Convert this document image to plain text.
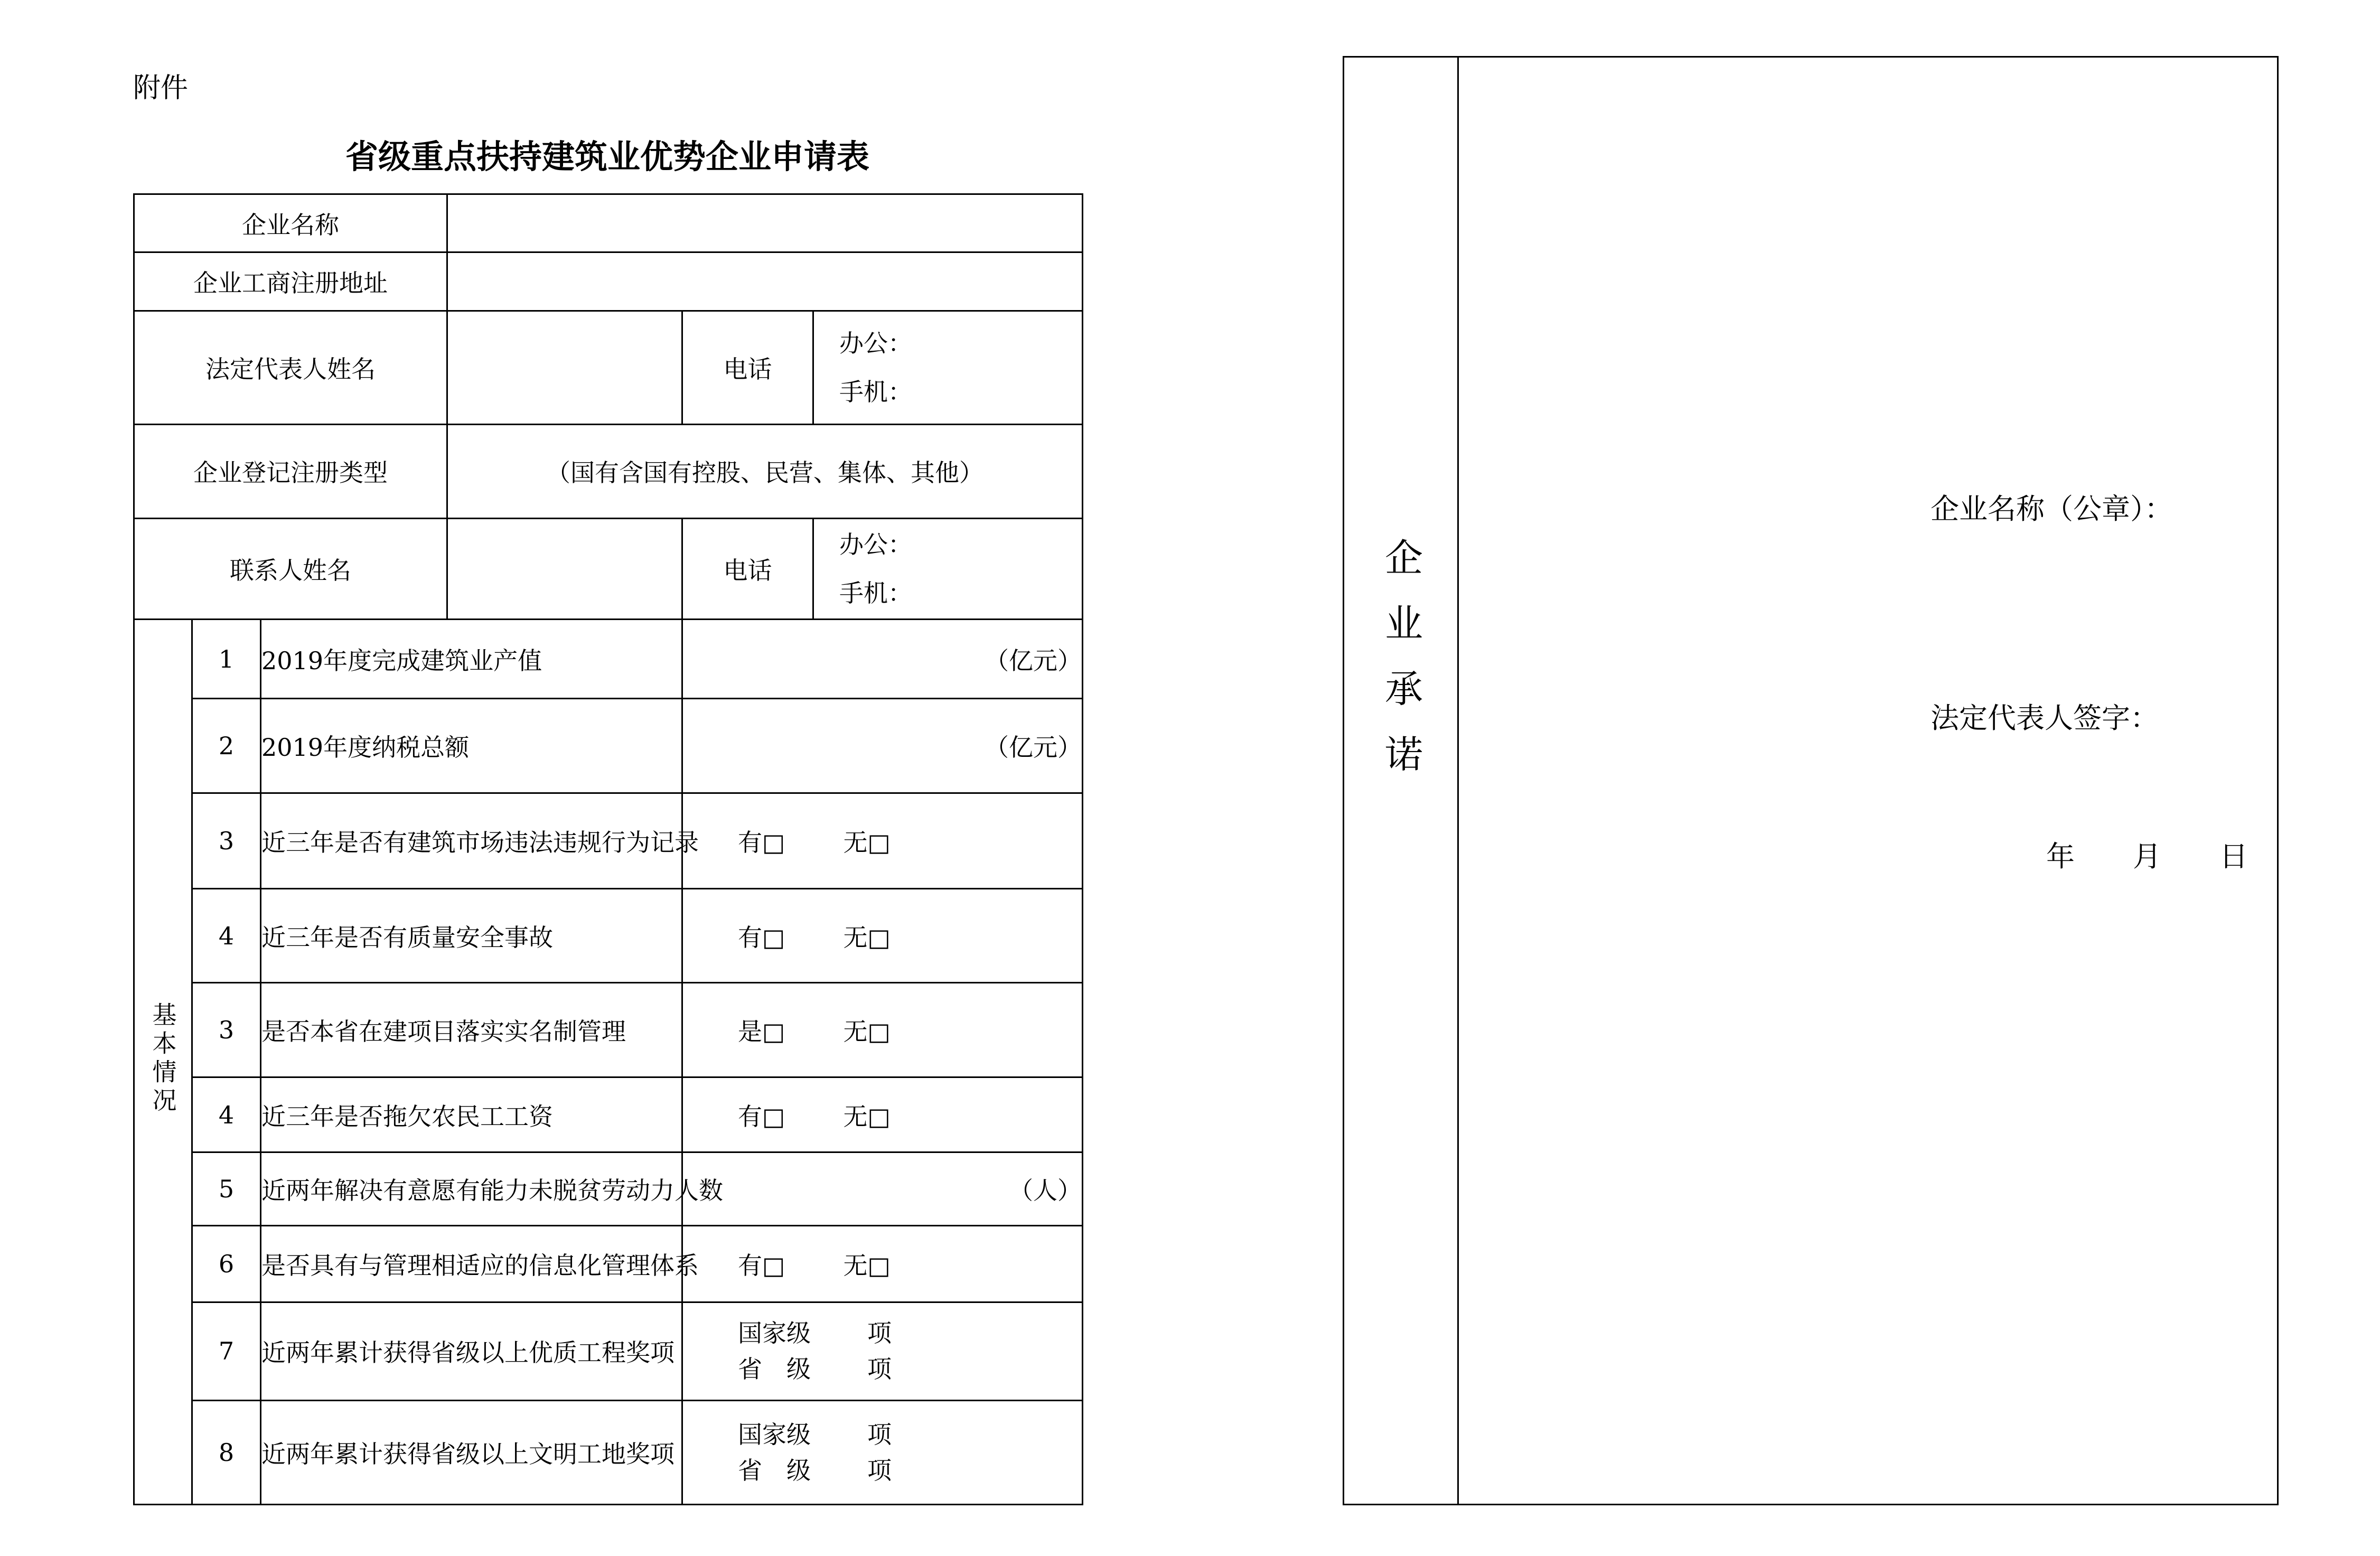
附件
省级重点扶持建筑业优势企业申请表
企业名称					
企业工商注册地址					
法定代表人姓名				电话	办公：
手机：

企业登记注册类型			（国有含国有控股、民营、集体、其他）		
联系人姓名				电话	办公：
手机：

基本情况	1	2019年度完成建筑业产值		（亿元）	
	2	2019年度纳税总额		（亿元）	
	3	近三年是否有建筑市场违法违规行为记录		有□ 无□	
	4	近三年是否有质量安全事故		有□ 无□	
	3	是否本省在建项目落实实名制管理		是□ 无□	
	4	近三年是否拖欠农民工工资		有□ 无□	
	5	近两年解决有意愿有能力未脱贫劳动力人数		（人）	
	6	是否具有与管理相适应的信息化管理体系		有□ 无□	
	7	近两年累计获得省级以上优质工程奖项		国家级 项
省　级 项	

	8	近两年累计获得省级以上文明工地奖项		国家级 项
省　级 项	
企业承诺	
企业名称（公章）：
法定代表人签字：
年 月 日
